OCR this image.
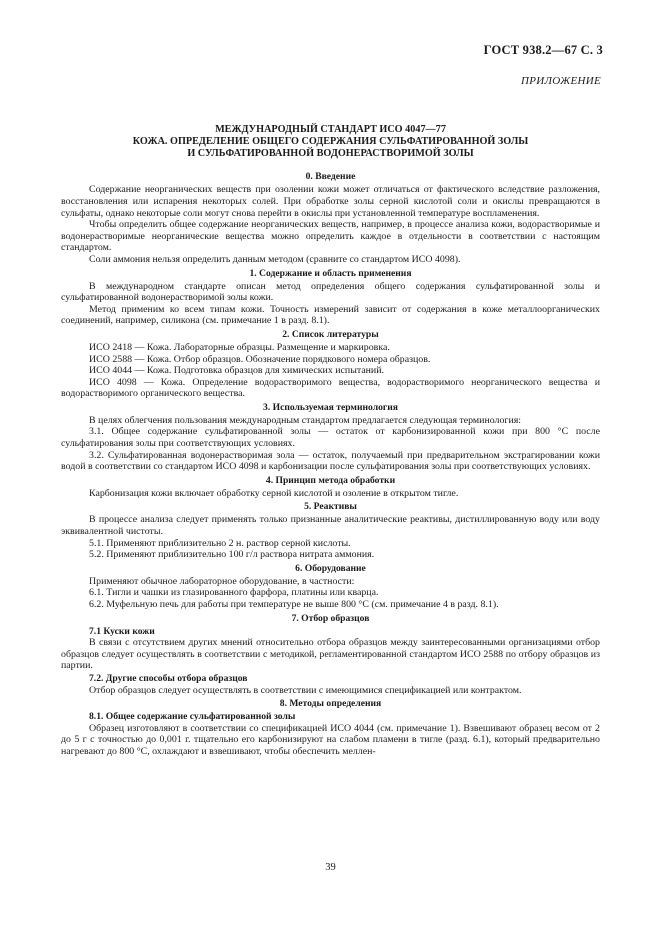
ГОСТ 938.2—67 С. 3
ПРИЛОЖЕНИЕ
МЕЖДУНАРОДНЫЙ СТАНДАРТ ИСО 4047—77
КОЖА. ОПРЕДЕЛЕНИЕ ОБЩЕГО СОДЕРЖАНИЯ СУЛЬФАТИРОВАННОЙ ЗОЛЫ
И СУЛЬФАТИРОВАННОЙ ВОДОНЕРАСТВОРИМОЙ ЗОЛЫ
0. Введение

Содержание неорганических веществ при озолении кожи может отличаться от фактического вследствие разложения, восстановления или испарения некоторых солей. При обработке золы серной кислотой соли и окислы превращаются в сульфаты, однако некоторые соли могут снова перейти в окислы при установленной температуре воспламенения.

Чтобы определить общее содержание неорганических веществ, например, в процессе анализа кожи, водорастворимые и водонерастворимые неорганические вещества можно определить каждое в отдельности в соответствии с настоящим стандартом.

Соли аммония нельзя определить данным методом (сравните со стандартом ИСО 4098).

1. Содержание и область применения

В международном стандарте описан метод определения общего содержания сульфатированной золы и сульфатированной водонерастворимой золы кожи.

Метод применим ко всем типам кожи. Точность измерений зависит от содержания в коже металлоорганических соединений, например, силикона (см. примечание 1 в разд. 8.1).

2. Список литературы

ИСО 2418 — Кожа. Лабораторные образцы. Размещение и маркировка.

ИСО 2588 — Кожа. Отбор образцов. Обозначение порядкового номера образцов.

ИСО 4044 — Кожа. Подготовка образцов для химических испытаний.

ИСО 4098 — Кожа. Определение водорастворимого вещества, водорастворимого неорганического вещества и водорастворимого органического вещества.

3. Используемая терминология

В целях облегчения пользования международным стандартом предлагается следующая терминология:

3.1. Общее содержание сульфатированной золы — остаток от карбонизированной кожи при 800 °С после сульфатирования золы при соответствующих условиях.

3.2. Сульфатированная водонерастворимая зола — остаток, получаемый при предварительном экстрагировании кожи водой в соответствии со стандартом ИСО 4098 и карбонизации после сульфатирования золы при соответствующих условиях.

4. Принцип метода обработки

Карбонизация кожи включает обработку серной кислотой и озоление в открытом тигле.

5. Реактивы

В процессе анализа следует применять только признанные аналитические реактивы, дистиллированную воду или воду эквивалентной чистоты.

5.1. Применяют приблизительно 2 н. раствор серной кислоты.

5.2. Применяют приблизительно 100 г/л раствора нитрата аммония.

6. Оборудование

Применяют обычное лабораторное оборудование, в частности:

6.1. Тигли и чашки из глазированного фарфора, платины или кварца.

6.2. Муфельную печь для работы при температуре не выше 800 °С (см. примечание 4 в разд. 8.1).

7. Отбор образцов
7.1 Куски кожи

В связи с отсутствием других мнений относительно отбора образцов между заинтересованными организациями отбор образцов следует осуществлять в соответствии с методикой, регламентированной стандартом ИСО 2588 по отбору образцов из партии.

7.2. Другие способы отбора образцов

Отбор образцов следует осуществлять в соответствии с имеющимися спецификацией или контрактом.

8. Методы определения
8.1. Общее содержание сульфатированной золы

Образец изготовляют в соответствии со спецификацией ИСО 4044 (см. примечание 1). Взвешивают образец весом от 2 до 5 г с точностью до 0,001 г. тщательно его карбонизируют на слабом пламени в тигле (разд. 6.1), который предварительно нагревают до 800 °С, охлаждают и взвешивают, чтобы обеспечить меллен-

39
